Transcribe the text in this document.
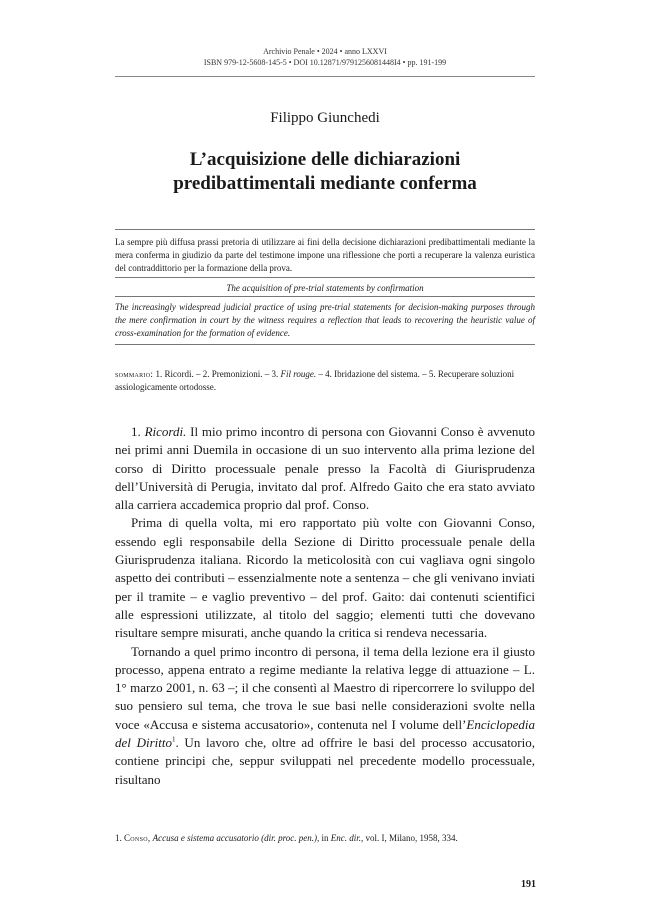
Archivio Penale • 2024 • anno LXXVI
ISBN 979-12-5608-145-5 • DOI 10.12871/9791256081448I4 • pp. 191-199
Filippo Giunchedi
L’acquisizione delle dichiarazioni
predibattimentali mediante conferma

La sempre più diffusa prassi pretoria di utilizzare ai fini della decisione dichiarazioni predibattimentali mediante la mera conferma in giudizio da parte del testimone impone una riflessione che porti a recuperare la valenza euristica del contraddittorio per la formazione della prova.

The acquisition of pre-trial statements by confirmation

The increasingly widespread judicial practice of using pre-trial statements for decision-making purposes through the mere confirmation in court by the witness requires a reflection that leads to recovering the heuristic value of cross-examination for the formation of evidence.

sommario: 1. Ricordi. – 2. Premonizioni. – 3. Fil rouge. – 4. Ibridazione del sistema. – 5. Recuperare soluzioni assiologicamente ortodosse.

1. Ricordi. Il mio primo incontro di persona con Giovanni Conso è avvenuto nei primi anni Duemila in occasione di un suo intervento alla prima lezione del corso di Diritto processuale penale presso la Facoltà di Giurisprudenza dell’Università di Perugia, invitato dal prof. Alfredo Gaito che era stato avviato alla carriera accademica proprio dal prof. Conso.

Prima di quella volta, mi ero rapportato più volte con Giovanni Conso, essendo egli responsabile della Sezione di Diritto processuale penale della Giurisprudenza italiana. Ricordo la meticolosità con cui vagliava ogni singolo aspetto dei contributi – essenzialmente note a sentenza – che gli venivano inviati per il tramite – e vaglio preventivo – del prof. Gaito: dai contenuti scientifici alle espressioni utilizzate, al titolo del saggio; elementi tutti che dovevano risultare sempre misurati, anche quando la critica si rendeva necessaria.

Tornando a quel primo incontro di persona, il tema della lezione era il giusto processo, appena entrato a regime mediante la relativa legge di attuazione – L. 1° marzo 2001, n. 63 –; il che consentì al Maestro di ripercorrere lo sviluppo del suo pensiero sul tema, che trova le sue basi nelle considerazioni svolte nella voce «Accusa e sistema accusatorio», contenuta nel I volume dell’Enciclopedia del Diritto$^1$. Un lavoro che, oltre ad offrire le basi del processo accusatorio, contiene principi che, seppur sviluppati nel precedente modello processuale, risultano

1. Conso, Accusa e sistema accusatorio (dir. proc. pen.), in Enc. dir., vol. I, Milano, 1958, 334.
191
